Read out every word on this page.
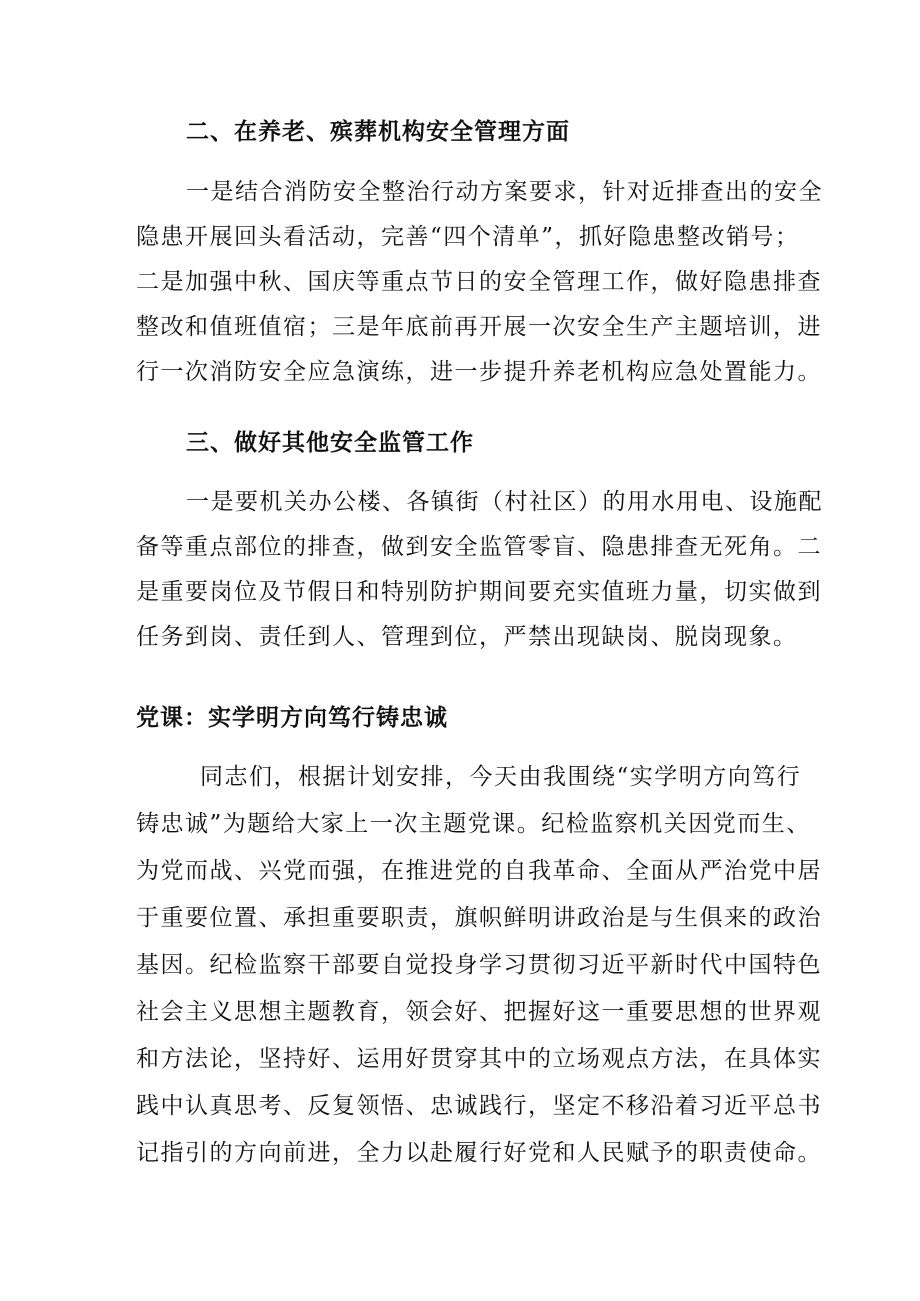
二、在养老、殡葬机构安全管理方面
一是结合消防安全整治行动方案要求，针对近排查出的安全
隐患开展回头看活动，完善“四个清单”，抓好隐患整改销号；
二是加强中秋、国庆等重点节日的安全管理工作，做好隐患排查
整改和值班值宿；三是年底前再开展一次安全生产主题培训，进
行一次消防安全应急演练，进一步提升养老机构应急处置能力。
三、做好其他安全监管工作
一是要机关办公楼、各镇街（村社区）的用水用电、设施配
备等重点部位的排查，做到安全监管零盲、隐患排查无死角。二
是重要岗位及节假日和特别防护期间要充实值班力量，切实做到
任务到岗、责任到人、管理到位，严禁出现缺岗、脱岗现象。
党课：实学明方向笃行铸忠诚
同志们，根据计划安排，今天由我围绕“实学明方向笃行
铸忠诚”为题给大家上一次主题党课。纪检监察机关因党而生、
为党而战、兴党而强，在推进党的自我革命、全面从严治党中居
于重要位置、承担重要职责，旗帜鲜明讲政治是与生俱来的政治
基因。纪检监察干部要自觉投身学习贯彻习近平新时代中国特色
社会主义思想主题教育，领会好、把握好这一重要思想的世界观
和方法论，坚持好、运用好贯穿其中的立场观点方法，在具体实
践中认真思考、反复领悟、忠诚践行，坚定不移沿着习近平总书
记指引的方向前进，全力以赴履行好党和人民赋予的职责使命。
